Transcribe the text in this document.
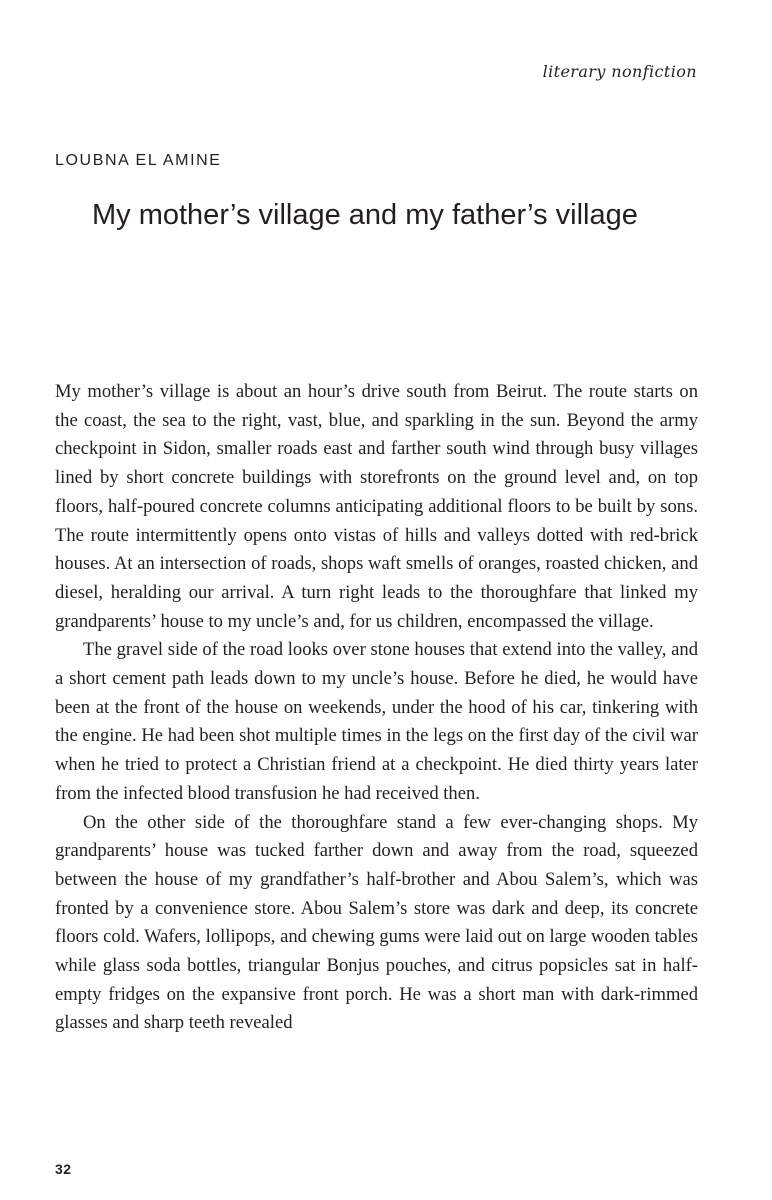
literary nonfiction
LOUBNA EL AMINE
My mother’s village and my father’s village

My mother’s village is about an hour’s drive south from Beirut. The route starts on the coast, the sea to the right, vast, blue, and sparkling in the sun. Beyond the army checkpoint in Sidon, smaller roads east and farther south wind through busy villages lined by short concrete buildings with storefronts on the ground level and, on top floors, half-poured concrete columns anticipating additional floors to be built by sons. The route intermittently opens onto vistas of hills and valleys dotted with red-brick houses. At an intersection of roads, shops waft smells of oranges, roasted chicken, and diesel, heralding our arrival. A turn right leads to the thoroughfare that linked my grandparents’ house to my uncle’s and, for us children, encompassed the village.

The gravel side of the road looks over stone houses that extend into the valley, and a short cement path leads down to my uncle’s house. Before he died, he would have been at the front of the house on weekends, under the hood of his car, tinkering with the engine. He had been shot multiple times in the legs on the first day of the civil war when he tried to protect a Christian friend at a checkpoint. He died thirty years later from the infected blood transfusion he had received then.

On the other side of the thoroughfare stand a few ever-changing shops. My grandparents’ house was tucked farther down and away from the road, squeezed between the house of my grandfather’s half-brother and Abou Salem’s, which was fronted by a convenience store. Abou Salem’s store was dark and deep, its concrete floors cold. Wafers, lollipops, and chewing gums were laid out on large wooden tables while glass soda bottles, triangular Bonjus pouches, and citrus popsicles sat in half-empty fridges on the expansive front porch. He was a short man with dark-rimmed glasses and sharp teeth revealed

32
